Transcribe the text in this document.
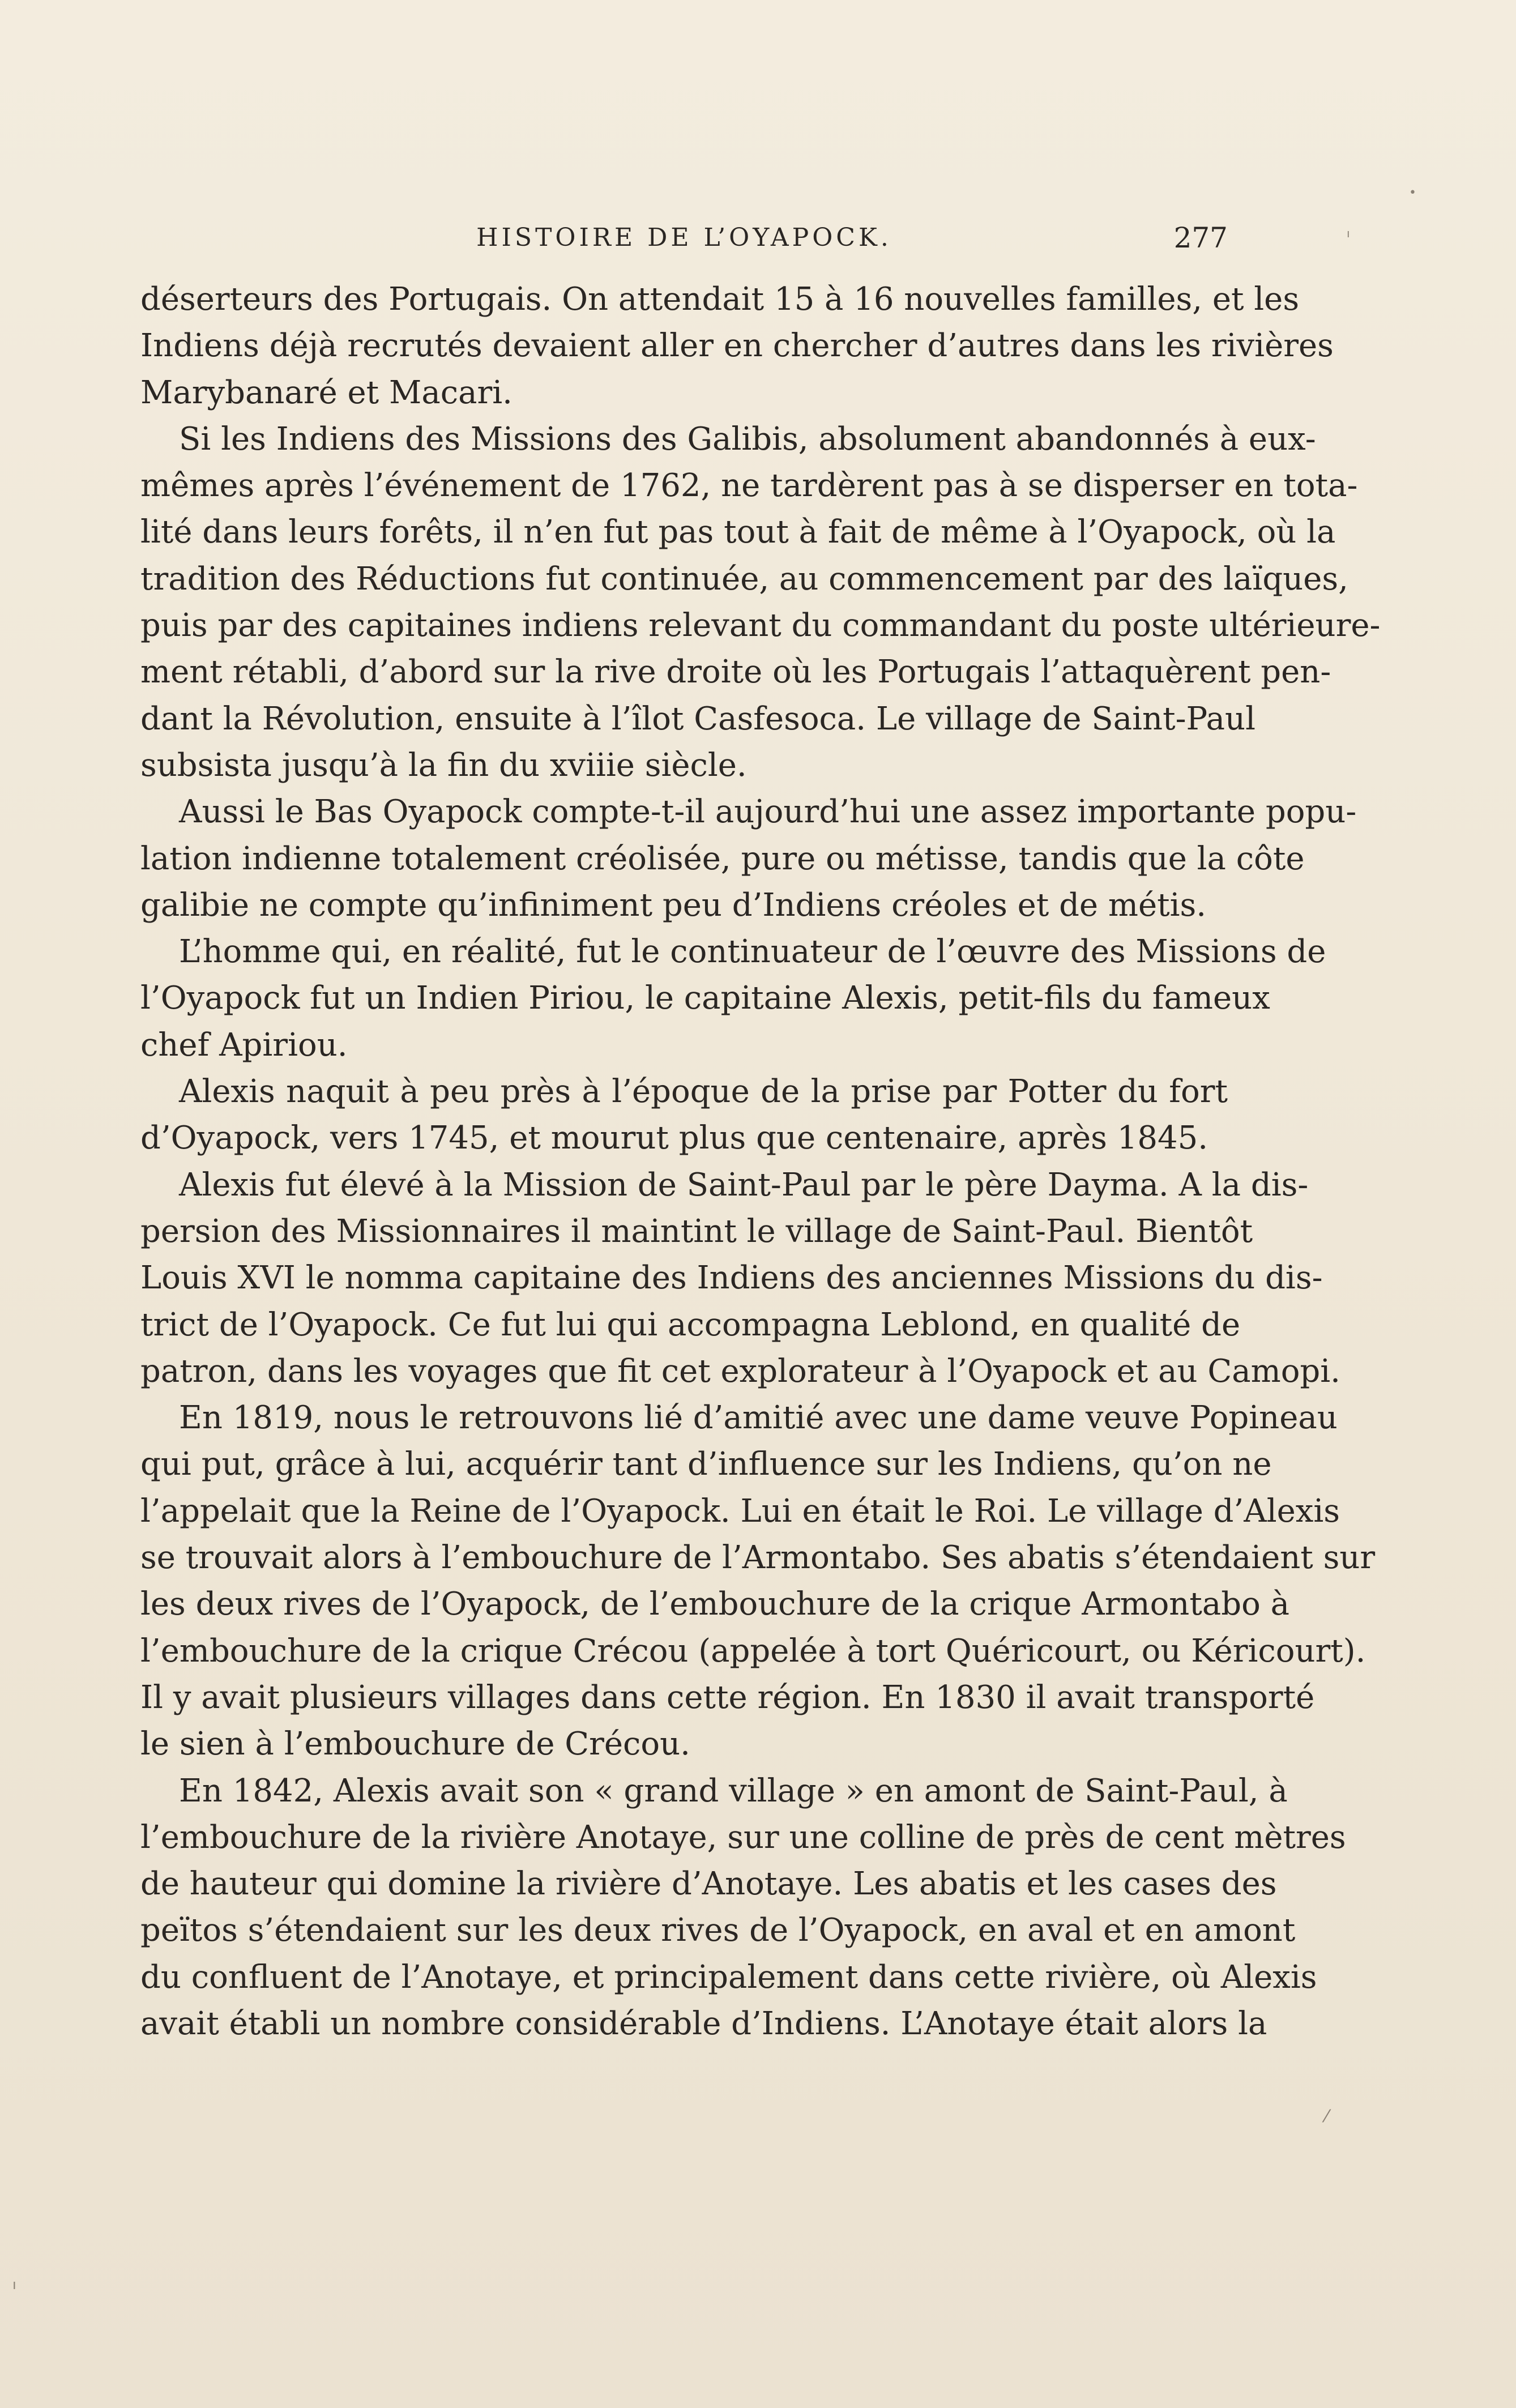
HISTOIRE DE L’OYAPOCK.	277
déserteurs des Portugais. On attendait 15 à 16 nouvelles familles, et les
Indiens déjà recrutés devaient aller en chercher d’autres dans les rivières
Marybanaré et Macari.
Si les Indiens des Missions des Galibis, absolument abandonnés à eux-
mêmes après l’événement de 1762, ne tardèrent pas à se disperser en tota-
lité dans leurs forêts, il n’en fut pas tout à fait de même à l’Oyapock, où la
tradition des Réductions fut continuée, au commencement par des laïques,
puis par des capitaines indiens relevant du commandant du poste ultérieure-
ment rétabli, d’abord sur la rive droite où les Portugais l’attaquèrent pen-
dant la Révolution, ensuite à l’îlot Casfesoca. Le village de Saint-Paul
subsista jusqu’à la fin du xviiie siècle.
Aussi le Bas Oyapock compte-t-il aujourd’hui une assez importante popu-
lation indienne totalement créolisée, pure ou métisse, tandis que la côte
galibie ne compte qu’infiniment peu d’Indiens créoles et de métis.
L’homme qui, en réalité, fut le continuateur de l’œuvre des Missions de
l’Oyapock fut un Indien Piriou, le capitaine Alexis, petit-fils du fameux
chef Apiriou.
Alexis naquit à peu près à l’époque de la prise par Potter du fort
d’Oyapock, vers 1745, et mourut plus que centenaire, après 1845.
Alexis fut élevé à la Mission de Saint-Paul par le père Dayma. A la dis-
persion des Missionnaires il maintint le village de Saint-Paul. Bientôt
Louis XVI le nomma capitaine des Indiens des anciennes Missions du dis-
trict de l’Oyapock. Ce fut lui qui accompagna Leblond, en qualité de
patron, dans les voyages que fit cet explorateur à l’Oyapock et au Camopi.
En 1819, nous le retrouvons lié d’amitié avec une dame veuve Popineau
qui put, grâce à lui, acquérir tant d’influence sur les Indiens, qu’on ne
l’appelait que la Reine de l’Oyapock. Lui en était le Roi. Le village d’Alexis
se trouvait alors à l’embouchure de l’Armontabo. Ses abatis s’étendaient sur
les deux rives de l’Oyapock, de l’embouchure de la crique Armontabo à
l’embouchure de la crique Crécou (appelée à tort Quéricourt, ou Kéricourt).
Il y avait plusieurs villages dans cette région. En 1830 il avait transporté
le sien à l’embouchure de Crécou.
En 1842, Alexis avait son « grand village » en amont de Saint-Paul, à
l’embouchure de la rivière Anotaye, sur une colline de près de cent mètres
de hauteur qui domine la rivière d’Anotaye. Les abatis et les cases des
peïtos s’étendaient sur les deux rives de l’Oyapock, en aval et en amont
du confluent de l’Anotaye, et principalement dans cette rivière, où Alexis
avait établi un nombre considérable d’Indiens. L’Anotaye était alors la
•
ı
⁄
ı
